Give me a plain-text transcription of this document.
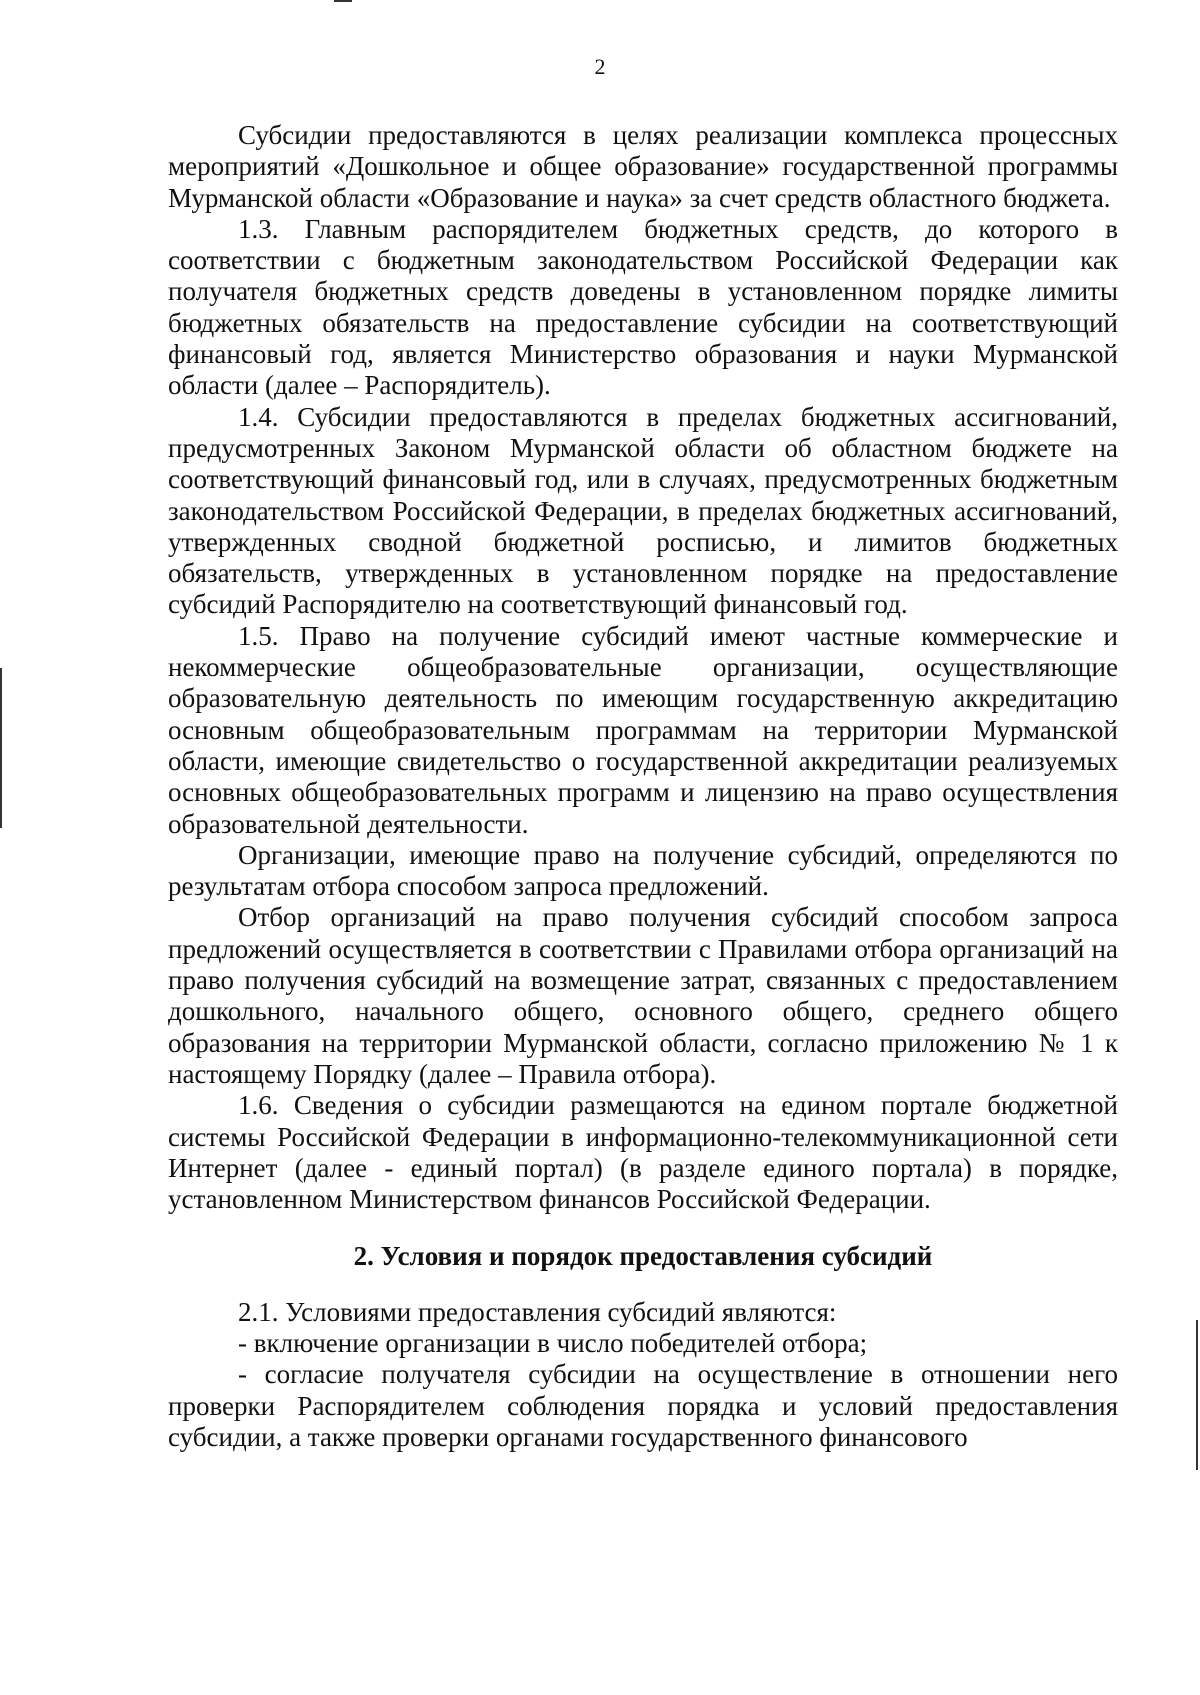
2

Субсидии предоставляются в целях реализации комплекса процессных мероприятий «Дошкольное и общее образование» государственной программы Мурманской области «Образование и наука» за счет средств областного бюджета.

1.3. Главным распорядителем бюджетных средств, до которого в соответствии с бюджетным законодательством Российской Федерации как получателя бюджетных средств доведены в установленном порядке лимиты бюджетных обязательств на предоставление субсидии на соответствующий финансовый год, является Министерство образования и науки Мурманской области (далее – Распорядитель).

1.4. Субсидии предоставляются в пределах бюджетных ассигнований, предусмотренных Законом Мурманской области об областном бюджете на соответствующий финансовый год, или в случаях, предусмотренных бюджетным законодательством Российской Федерации, в пределах бюджетных ассигнований, утвержденных сводной бюджетной росписью, и лимитов бюджетных обязательств, утвержденных в установленном порядке на предоставление субсидий Распорядителю на соответствующий финансовый год.

1.5. Право на получение субсидий имеют частные коммерческие и некоммерческие общеобразовательные организации, осуществляющие образовательную деятельность по имеющим государственную аккредитацию основным общеобразовательным программам на территории Мурманской области, имеющие свидетельство о государственной аккредитации реализуемых основных общеобразовательных программ и лицензию на право осуществления образовательной деятельности.

Организации, имеющие право на получение субсидий, определяются по результатам отбора способом запроса предложений.

Отбор организаций на право получения субсидий способом запроса предложений осуществляется в соответствии с Правилами отбора организаций на право получения субсидий на возмещение затрат, связанных с предоставлением дошкольного, начального общего, основного общего, среднего общего образования на территории Мурманской области, согласно приложению № 1 к настоящему Порядку (далее – Правила отбора).

1.6. Сведения о субсидии размещаются на едином портале бюджетной системы Российской Федерации в информационно-телекоммуникационной сети Интернет (далее - единый портал) (в разделе единого портала) в порядке, установленном Министерством финансов Российской Федерации.

2. Условия и порядок предоставления субсидий

2.1. Условиями предоставления субсидий являются:

- включение организации в число победителей отбора;

- согласие получателя субсидии на осуществление в отношении него проверки Распорядителем соблюдения порядка и условий предоставления субсидии, а также проверки органами государственного финансового
